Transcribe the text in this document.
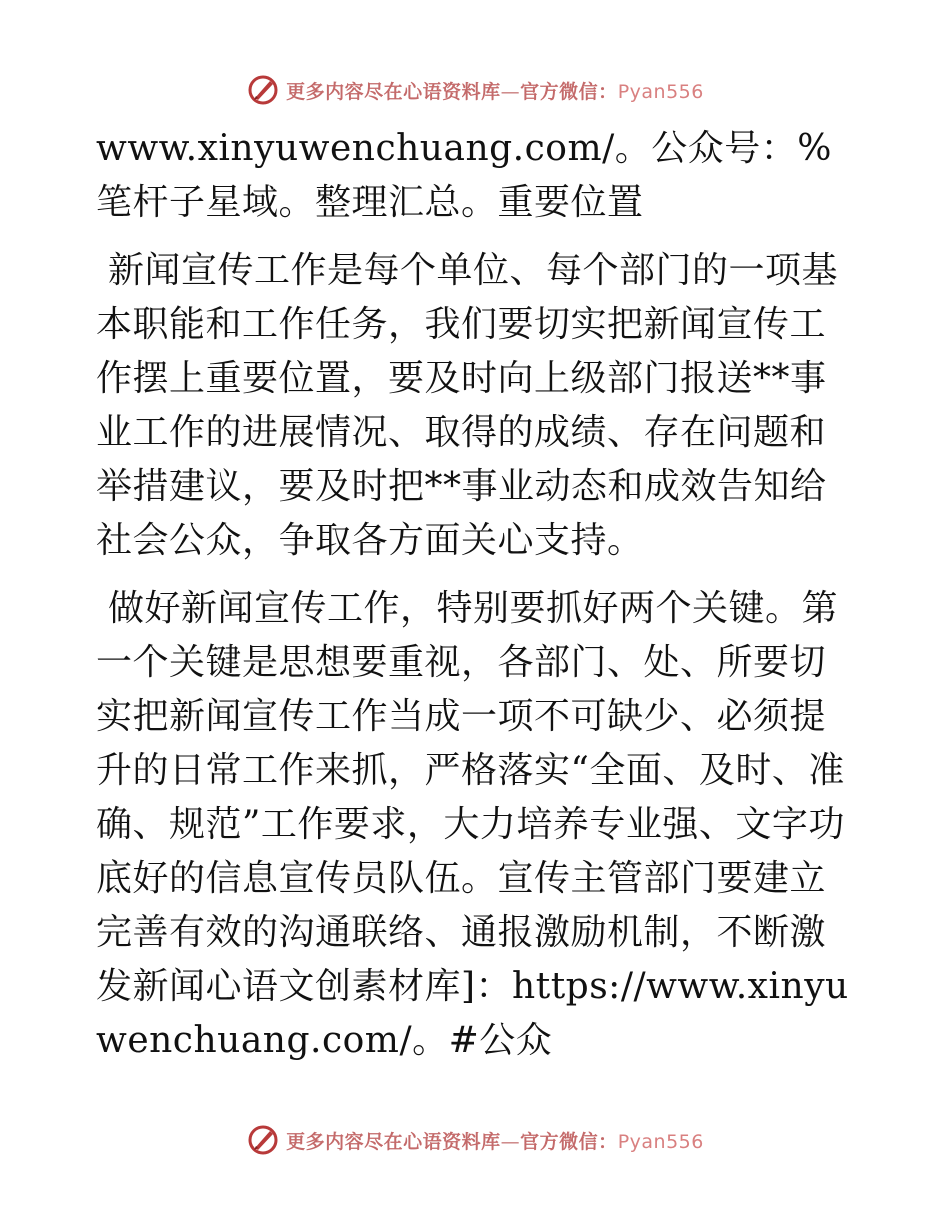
更多内容尽在心语资料库—官方微信：Pyan556

www.xinyuwenchuang.com/。公众号：%笔杆子星域。整理汇总。重要位置

新闻宣传工作是每个单位、每个部门的一项基本职能和工作任务，我们要切实把新闻宣传工作摆上重要位置，要及时向上级部门报送**事业工作的进展情况、取得的成绩、存在问题和举措建议，要及时把**事业动态和成效告知给社会公众，争取各方面关心支持。

做好新闻宣传工作，特别要抓好两个关键。第一个关键是思想要重视，各部门、处、所要切实把新闻宣传工作当成一项不可缺少、必须提升的日常工作来抓，严格落实“全面、及时、准确、规范”工作要求，大力培养专业强、文字功底好的信息宣传员队伍。宣传主管部门要建立完善有效的沟通联络、通报激励机制，不断激发新闻心语文创素材库]：https://www.xinyuwenchuang.com/。#公众

更多内容尽在心语资料库—官方微信：Pyan556
